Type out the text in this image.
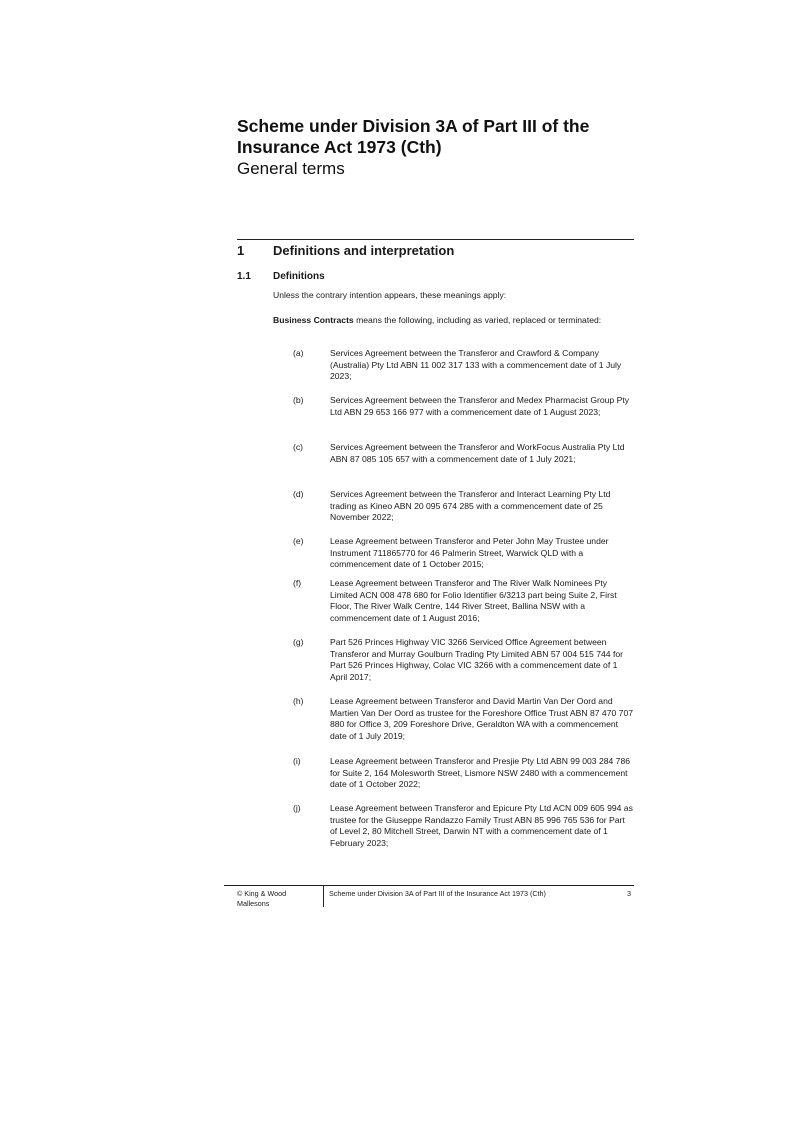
Scheme under Division 3A of Part III of the Insurance Act 1973 (Cth)
General terms
1 Definitions and interpretation
1.1 Definitions
Unless the contrary intention appears, these meanings apply:
Business Contracts means the following, including as varied, replaced or terminated:
(a)	Services Agreement between the Transferor and Crawford & Company (Australia) Pty Ltd ABN 11 002 317 133 with a commencement date of 1 July 2023;
(b)	Services Agreement between the Transferor and Medex Pharmacist Group Pty Ltd ABN 29 653 166 977 with a commencement date of 1 August 2023;
(c)	Services Agreement between the Transferor and WorkFocus Australia Pty Ltd ABN 87 085 105 657 with a commencement date of 1 July 2021;
(d)	Services Agreement between the Transferor and Interact Learning Pty Ltd trading as Kineo ABN 20 095 674 285 with a commencement date of 25 November 2022;
(e)	Lease Agreement between Transferor and Peter John May Trustee under Instrument 711865770 for 46 Palmerin Street, Warwick QLD with a commencement date of 1 October 2015;
(f)	Lease Agreement between Transferor and The River Walk Nominees Pty Limited ACN 008 478 680 for Folio Identifier 6/3213 part being Suite 2, First Floor, The River Walk Centre, 144 River Street, Ballina NSW with a commencement date of 1 August 2016;
(g)	Part 526 Princes Highway VIC 3266 Serviced Office Agreement between Transferor and Murray Goulburn Trading Pty Limited ABN 57 004 515 744 for Part 526 Princes Highway, Colac VIC 3266 with a commencement date of 1 April 2017;
(h)	Lease Agreement between Transferor and David Martin Van Der Oord and Martien Van Der Oord as trustee for the Foreshore Office Trust ABN 87 470 707 880 for Office 3, 209 Foreshore Drive, Geraldton WA with a commencement date of 1 July 2019;
(i)	Lease Agreement between Transferor and Presjie Pty Ltd ABN 99 003 284 786 for Suite 2, 164 Molesworth Street, Lismore NSW 2480 with a commencement date of 1 October 2022;
(j)	Lease Agreement between Transferor and Epicure Pty Ltd ACN 009 605 994 as trustee for the Giuseppe Randazzo Family Trust ABN 85 996 765 536 for Part of Level 2, 80 Mitchell Street, Darwin NT with a commencement date of 1 February 2023;
© King & Wood
Mallesons
Scheme under Division 3A of Part III of the Insurance Act 1973 (Cth)	3
